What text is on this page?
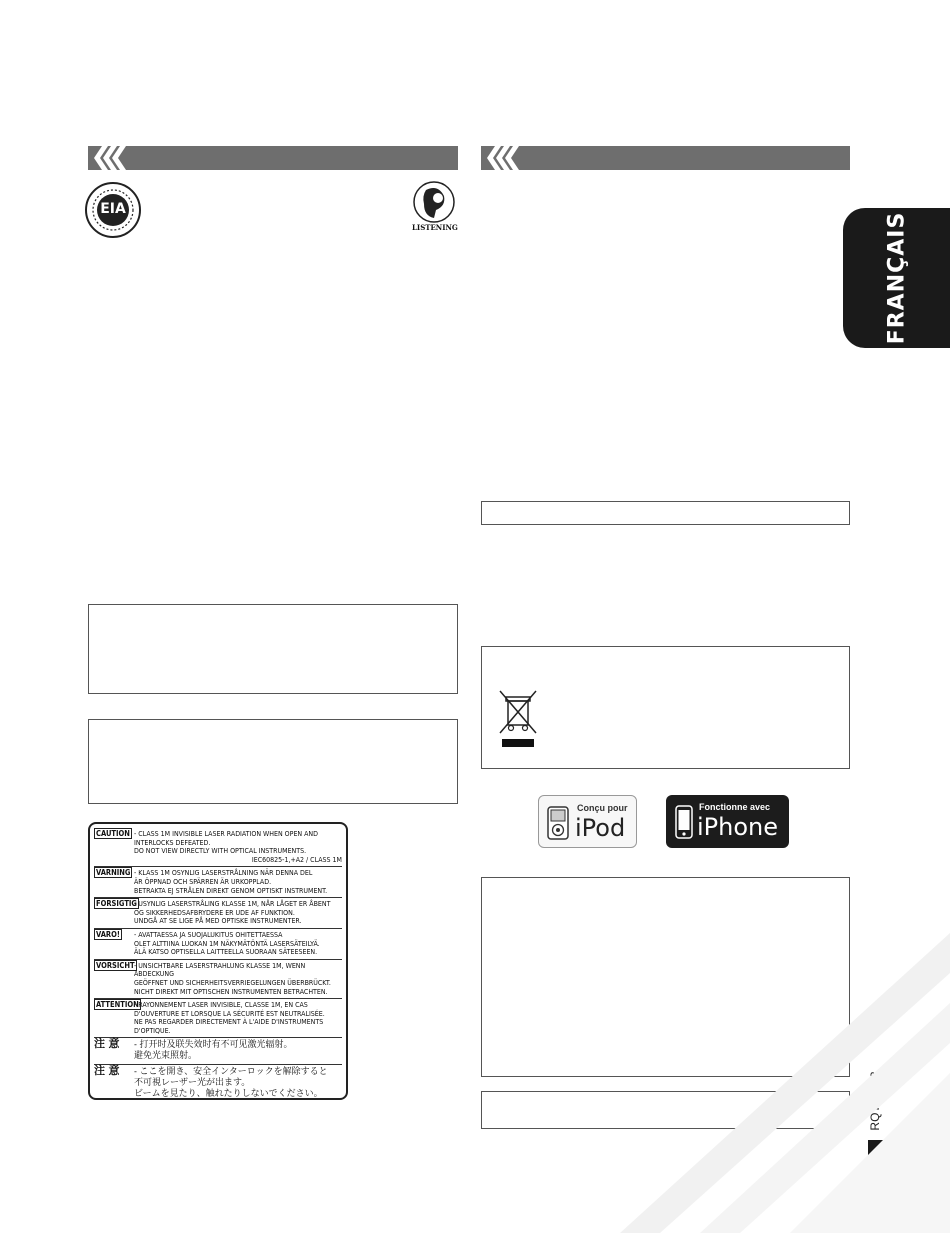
EIA
LISTENING
CAUTION - CLASS 1M INVISIBLE LASER RADIATION WHEN OPEN AND
INTERLOCKS DEFEATED.
DO NOT VIEW DIRECTLY WITH OPTICAL INSTRUMENTS.
IEC60825-1,+A2 / CLASS 1M
VARNING - KLASS 1M OSYNLIG LASERSTRÅLNING NÄR DENNA DEL
ÄR ÖPPNAD OCH SPÄRREN ÄR URKOPPLAD.
BETRAKTA EJ STRÅLEN DIREKT GENOM OPTISKT INSTRUMENT.
FORSIGTIG
- USYNLIG LASERSTRÅLING KLASSE 1M, NÅR LÅGET ER ÅBENT
OG SIKKERHEDSAFBRYDERE ER UDE AF FUNKTION.
UNDGÅ AT SE LIGE PÅ MED OPTISKE INSTRUMENTER.
VARO!	- AVATTAESSA JA SUOJALUKITUS OHITETTAESSA
OLET ALTTIINA LUOKAN 1M NÄKYMÄTÖNTÄ LASERSÄTEILYÄ.
ÄLÄ KATSO OPTISELLA LAITTEELLA SUORAAN SÄTEESEEN.
VORSICHT - UNSICHTBARE LASERSTRAHLUNG KLASSE 1M, WENN ABDECKUNG
GEÖFFNET UND SICHERHEITSVERRIEGELUNGEN ÜBERBRÜCKT.
NICHT DIREKT MIT OPTISCHEN INSTRUMENTEN BETRACHTEN.
ATTENTION
- RAYONNEMENT LASER INVISIBLE, CLASSE 1M, EN CAS
D'OUVERTURE ET LORSQUE LA SÉCURITÉ EST NEUTRALISÉE.
NE PAS REGARDER DIRECTEMENT À L'AIDE D'INSTRUMENTS
D'OPTIQUE.
注 意	- 打开时及联失效时有不可见激光辐射。
避免光束照射。
注 意	- ここを開き、安全インターロックを解除すると
不可視レーザー光が出ます。
ビームを見たり、触れたりしないでください。
Conçu pour
iPod
Fonctionne avec
iPhone
FRANÇAIS
